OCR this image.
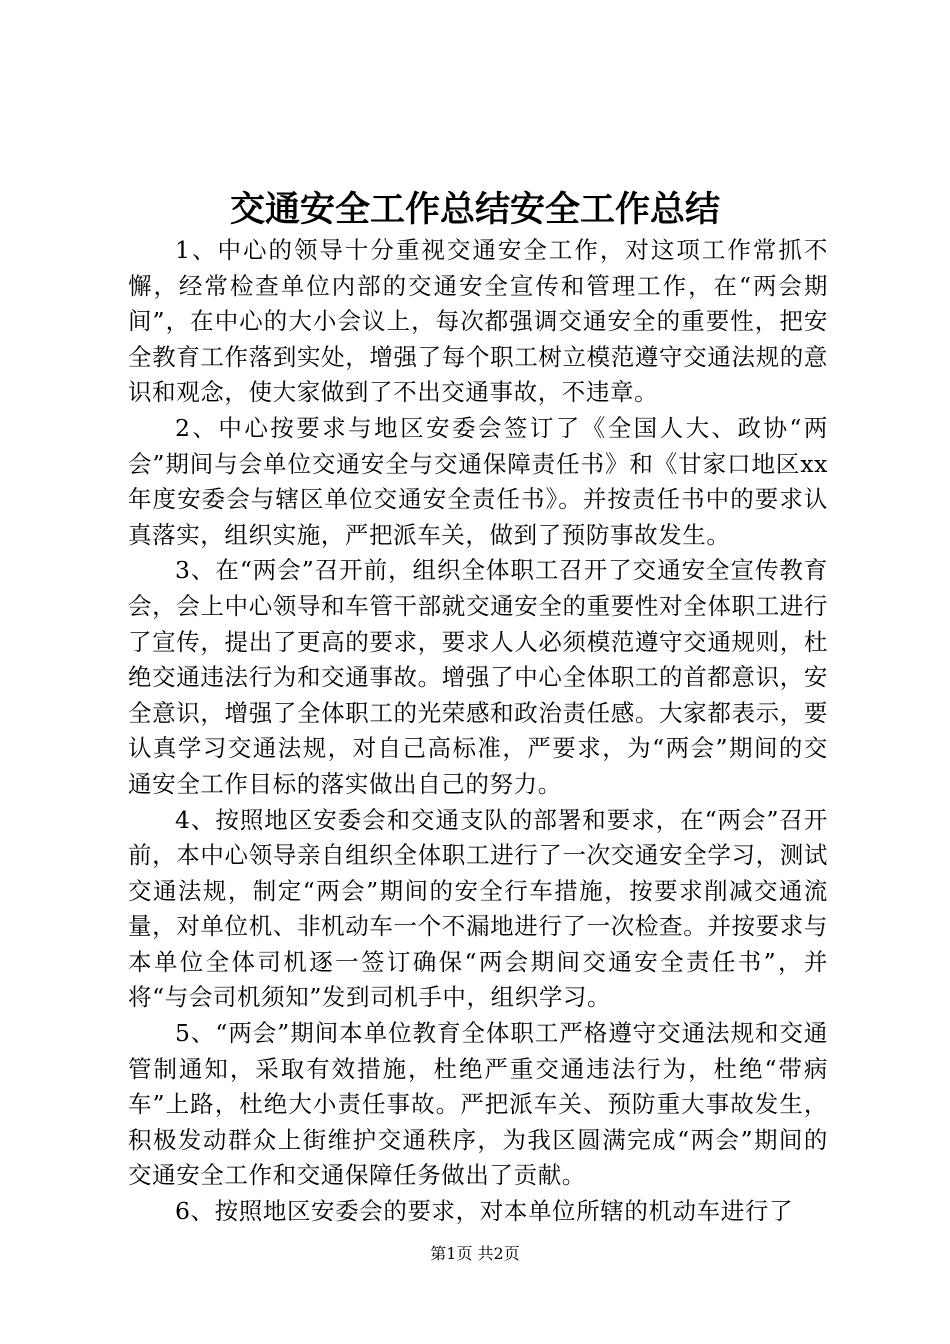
交通安全工作总结安全工作总结

1、中心的领导十分重视交通安全工作，对这项工作常抓不懈，经常检查单位内部的交通安全宣传和管理工作，在“两会期间”，在中心的大小会议上，每次都强调交通安全的重要性，把安全教育工作落到实处，增强了每个职工树立模范遵守交通法规的意识和观念，使大家做到了不出交通事故，不违章。

2、中心按要求与地区安委会签订了《全国人大、政协“两会”期间与会单位交通安全与交通保障责任书》和《甘家口地区xx年度安委会与辖区单位交通安全责任书》。并按责任书中的要求认真落实，组织实施，严把派车关，做到了预防事故发生。

3、在“两会”召开前，组织全体职工召开了交通安全宣传教育会，会上中心领导和车管干部就交通安全的重要性对全体职工进行了宣传，提出了更高的要求，要求人人必须模范遵守交通规则，杜绝交通违法行为和交通事故。增强了中心全体职工的首都意识，安全意识，增强了全体职工的光荣感和政治责任感。大家都表示，要认真学习交通法规，对自己高标准，严要求，为“两会”期间的交通安全工作目标的落实做出自己的努力。

4、按照地区安委会和交通支队的部署和要求，在“两会”召开前，本中心领导亲自组织全体职工进行了一次交通安全学习，测试交通法规，制定“两会”期间的安全行车措施，按要求削减交通流量，对单位机、非机动车一个不漏地进行了一次检查。并按要求与本单位全体司机逐一签订确保“两会期间交通安全责任书”，并将“与会司机须知”发到司机手中，组织学习。

5、“两会”期间本单位教育全体职工严格遵守交通法规和交通管制通知，采取有效措施，杜绝严重交通违法行为，杜绝“带病车”上路，杜绝大小责任事故。严把派车关、预防重大事故发生，积极发动群众上街维护交通秩序，为我区圆满完成“两会”期间的交通安全工作和交通保障任务做出了贡献。

6、按照地区安委会的要求，对本单位所辖的机动车进行了

第1页 共2页
